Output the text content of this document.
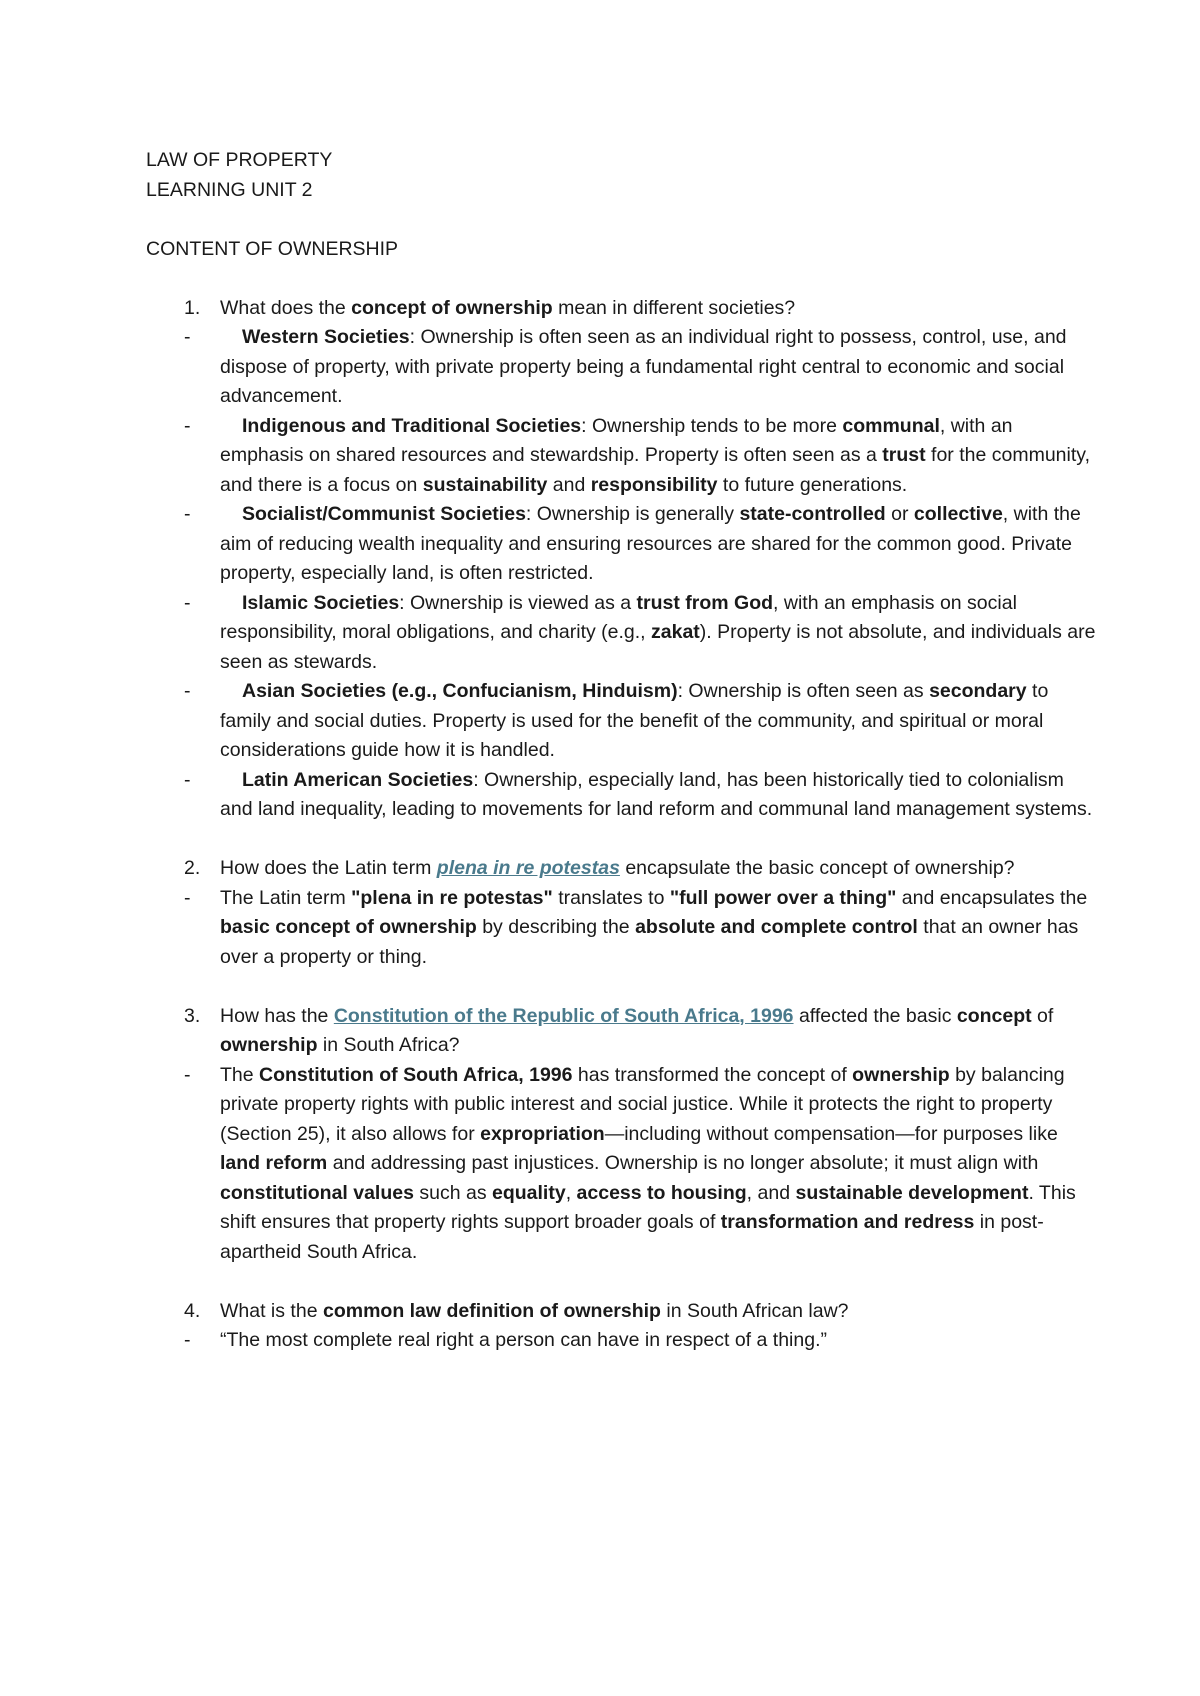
LAW OF PROPERTY
LEARNING UNIT 2
CONTENT OF OWNERSHIP

1. What does the concept of ownership mean in different societies?

-	Western Societies: Ownership is often seen as an individual right to possess, control, use, and dispose of property, with private property being a fundamental right central to economic and social advancement.

-	Indigenous and Traditional Societies: Ownership tends to be more communal, with an emphasis on shared resources and stewardship. Property is often seen as a trust for the community, and there is a focus on sustainability and responsibility to future generations.

-	Socialist/Communist Societies: Ownership is generally state-controlled or collective, with the aim of reducing wealth inequality and ensuring resources are shared for the common good. Private property, especially land, is often restricted.

-	Islamic Societies: Ownership is viewed as a trust from God, with an emphasis on social responsibility, moral obligations, and charity (e.g., zakat). Property is not absolute, and individuals are seen as stewards.

-	Asian Societies (e.g., Confucianism, Hinduism): Ownership is often seen as secondary to family and social duties. Property is used for the benefit of the community, and spiritual or moral considerations guide how it is handled.

-	Latin American Societies: Ownership, especially land, has been historically tied to colonialism and land inequality, leading to movements for land reform and communal land management systems.

2. How does the Latin term plena in re potestas encapsulate the basic concept of ownership?

- The Latin term "plena in re potestas" translates to "full power over a thing" and encapsulates the basic concept of ownership by describing the absolute and complete control that an owner has over a property or thing.

3. How has the Constitution of the Republic of South Africa, 1996 affected the basic concept of ownership in South Africa?

- The Constitution of South Africa, 1996 has transformed the concept of ownership by balancing private property rights with public interest and social justice. While it protects the right to property (Section 25), it also allows for expropriation—including without compensation—for purposes like land reform and addressing past injustices. Ownership is no longer absolute; it must align with constitutional values such as equality, access to housing, and sustainable development. This shift ensures that property rights support broader goals of transformation and redress in post-apartheid South Africa.

4. What is the common law definition of ownership in South African law?

- “The most complete real right a person can have in respect of a thing.”
